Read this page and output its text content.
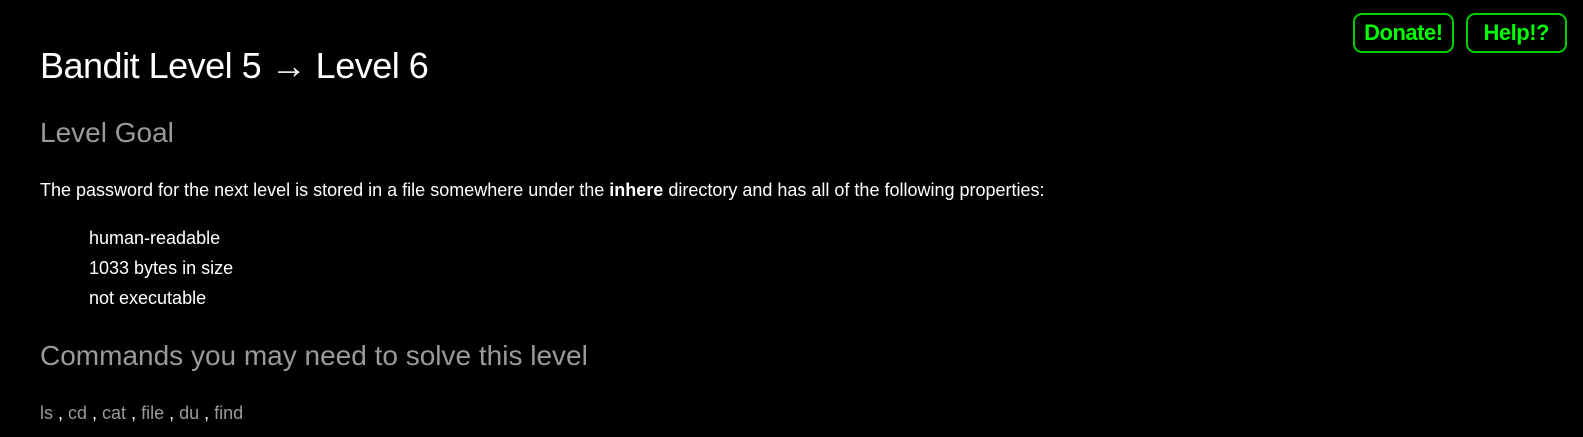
Donate!	Help!?
Bandit Level 5 → Level 6
Level Goal

The password for the next level is stored in a file somewhere under the inhere directory and has all of the following properties:

human-readable
1033 bytes in size
not executable
Commands you may need to solve this level
ls , cd , cat , file , du , find
